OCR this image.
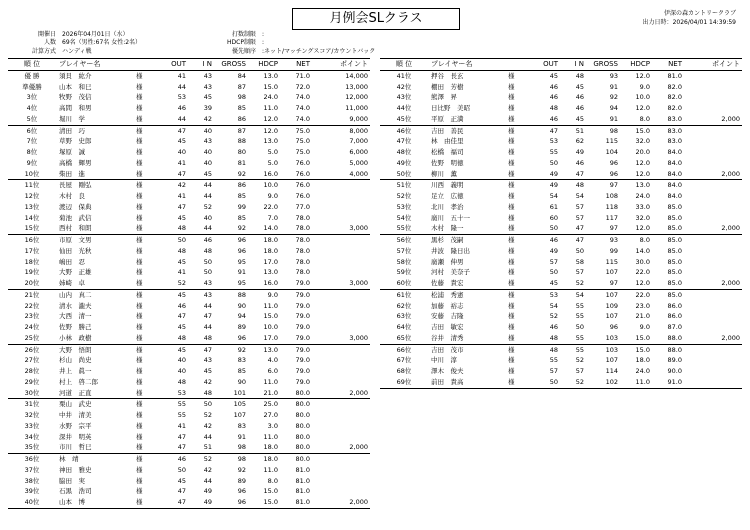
月例会SLクラス	伊深の森カントリークラブ
出力日時：2026/04/01 14:39:59
開催日 2026年04月01日（水）
人数 69名（男性:67名 女性:2名）
計算方式 ハンディ戦
打数制限 :
HDCP制限 :
優先順序 :ネット/マッチングスコア/カウントバック
順 位	プレイヤー名		OUT	I N	GROSS	HDCP	NET	ポイント
優 勝	須貝　紘介	様	41	43	84	13.0	71.0	14,000
準優勝	山本　和巳	様	44	43	87	15.0	72.0	13,000
3位	牧野　茂信	様	53	45	98	24.0	74.0	12,000
4位	高間　和男	様	46	39	85	11.0	74.0	11,000
5位	堀川　学	様	44	42	86	12.0	74.0	9,000
6位	清田　巧	様	47	40	87	12.0	75.0	8,000
7位	草野　史郎	様	45	43	88	13.0	75.0	7,000
8位	塚原　誠	様	40	40	80	5.0	75.0	6,000
9位	高橋　輝男	様	41	40	81	5.0	76.0	5,000
10位	柴田　進	様	47	45	92	16.0	76.0	4,000
11位	長屋　剛弘	様	42	44	86	10.0	76.0	
12位	木村　良	様	41	44	85	9.0	76.0	
13位	渡辺　保典	様	47	52	99	22.0	77.0	
14位	菊池　武信	様	45	40	85	7.0	78.0	
15位	西村　和朗	様	48	44	92	14.0	78.0	3,000
16位	市原　文男	様	50	46	96	18.0	78.0	
17位	仙田　光秋	様	48	48	96	18.0	78.0	
18位	嶋田　忍	様	45	50	95	17.0	78.0	
19位	大野　正雄	様	41	50	91	13.0	78.0	
20位	姉崎　卓	様	52	43	95	16.0	79.0	3,000
21位	山内　真二	様	45	43	88	9.0	79.0	
22位	清水　瀧夫	様	46	44	90	11.0	79.0	
23位	大西　清一	様	47	47	94	15.0	79.0	
24位	佐野　勝己	様	45	44	89	10.0	79.0	
25位	小林　政樹	様	48	48	96	17.0	79.0	3,000
26位	大野　悟朗	様	45	47	92	13.0	79.0	
27位	杉山　尚史	様	40	43	83	4.0	79.0	
28位	井上　眞一	様	40	45	85	6.0	79.0	
29位	村上　啓二郎	様	48	42	90	11.0	79.0	
30位	河道　正直	様	53	48	101	21.0	80.0	2,000
31位	栗山　武史	様	55	50	105	25.0	80.0	
32位	中井　清美	様	55	52	107	27.0	80.0	
33位	水野　宗平	様	41	42	83	3.0	80.0	
34位	深井　明英	様	47	44	91	11.0	80.0	
35位	市川　哲巳	様	47	51	98	18.0	80.0	2,000
36位	林　靖	様	46	52	98	18.0	80.0	
37位	神田　雅史	様	50	42	92	11.0	81.0	
38位	脇田　実	様	45	44	89	8.0	81.0	
39位	石黒　浩司	様	47	49	96	15.0	81.0	
40位	山本　博	様	47	49	96	15.0	81.0	2,000
順 位	プレイヤー名		OUT	I N	GROSS	HDCP	NET	ポイント
41位	押谷　長玄	様	45	48	93	12.0	81.0	
42位	棚田　芳樹	様	46	45	91	9.0	82.0	
43位	熊澤　昇	様	46	46	92	10.0	82.0	
44位	日比野　美昭	様	48	46	94	12.0	82.0	
45位	平原　正満	様	46	45	91	8.0	83.0	2,000
46位	吉田　善民	様	47	51	98	15.0	83.0	
47位	林　由佳里	様	53	62	115	32.0	83.0	
48位	松橋　福司	様	55	49	104	20.0	84.0	
49位	佐野　明徳	様	50	46	96	12.0	84.0	
50位	柳川　薫	様	49	47	96	12.0	84.0	2,000
51位	川西　義明	様	49	48	97	13.0	84.0	
52位	足立　広徳	様	54	54	108	24.0	84.0	
53位	北川　孝治	様	61	57	118	33.0	85.0	
54位	廣川　五十一	様	60	57	117	32.0	85.0	
55位	木村　隆一	様	50	47	97	12.0	85.0	2,000
56位	黒杉　茂嗣	様	46	47	93	8.0	85.0	
57位	井波　隆日出	様	49	50	99	14.0	85.0	
58位	廣瀬　伸男	様	57	58	115	30.0	85.0	
59位	河村　美奈子	様	50	57	107	22.0	85.0	
60位	佐藤　貴宏	様	45	52	97	12.0	85.0	2,000
61位	松浦　秀憲	様	53	54	107	22.0	85.0	
62位	加藤　裕志	様	54	55	109	23.0	86.0	
63位	安藤　吉隆	様	52	55	107	21.0	86.0	
64位	吉田　敏宏	様	46	50	96	9.0	87.0	
65位	谷井　清秀	様	48	55	103	15.0	88.0	2,000
66位	吉田　茂市	様	48	55	103	15.0	88.0	
67位	中川　淳	様	55	52	107	18.0	89.0	
68位	澤木　俊夫	様	57	57	114	24.0	90.0	
69位	前田　貴高	様	50	52	102	11.0	91.0	
